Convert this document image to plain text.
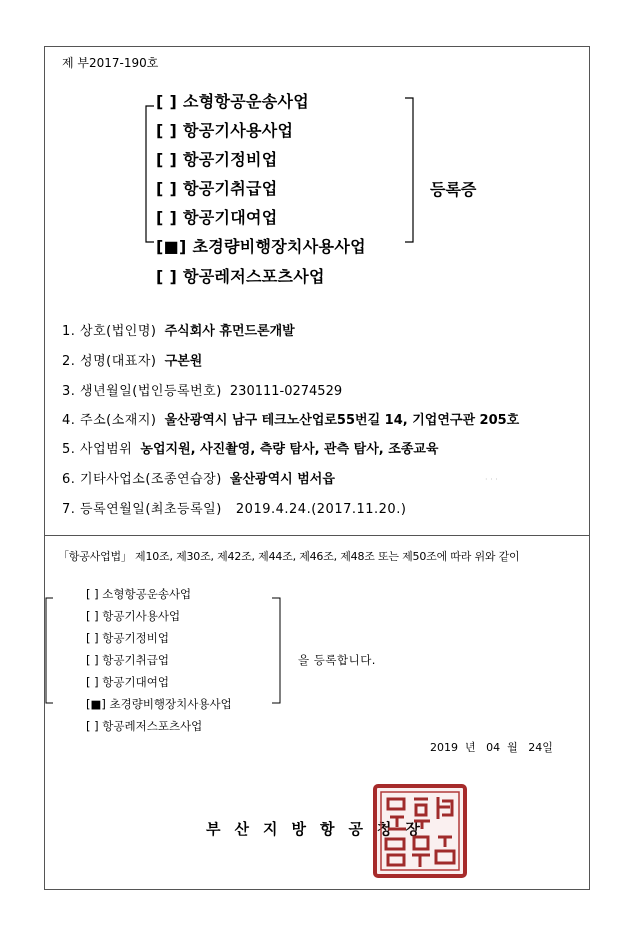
제 부2017-190호
[ ] 소형항공운송사업
[ ] 항공기사용사업
[ ] 항공기정비업
[ ] 항공기취급업
[ ] 항공기대여업
[■] 초경량비행장치사용사업
[ ] 항공레저스포츠사업
등록증
1. 상호(법인명) 주식회사 휴먼드론개발
2. 성명(대표자) 구본원
3. 생년월일(법인등록번호) 230111-0274529
4. 주소(소재지) 울산광역시 남구 테크노산업로55번길 14, 기업연구관 205호
5. 사업범위 농업지원, 사진촬영, 측량 탐사, 관측 탐사, 조종교육
6. 기타사업소(조종연습장) 울산광역시 범서읍	· · ·
7. 등록연월일(최초등록일) 2019.4.24.(2017.11.20.)
「항공사업법」 제10조, 제30조, 제42조, 제44조, 제46조, 제48조 또는 제50조에 따라 위와 같이
[ ] 소형항공운송사업
[ ] 항공기사용사업
[ ] 항공기정비업
[ ] 항공기취급업
[ ] 항공기대여업
[■] 초경량비행장치사용사업
[ ] 항공레저스포츠사업
을 등록합니다.
2019 년 04 월 24일
부산지방항공청장
